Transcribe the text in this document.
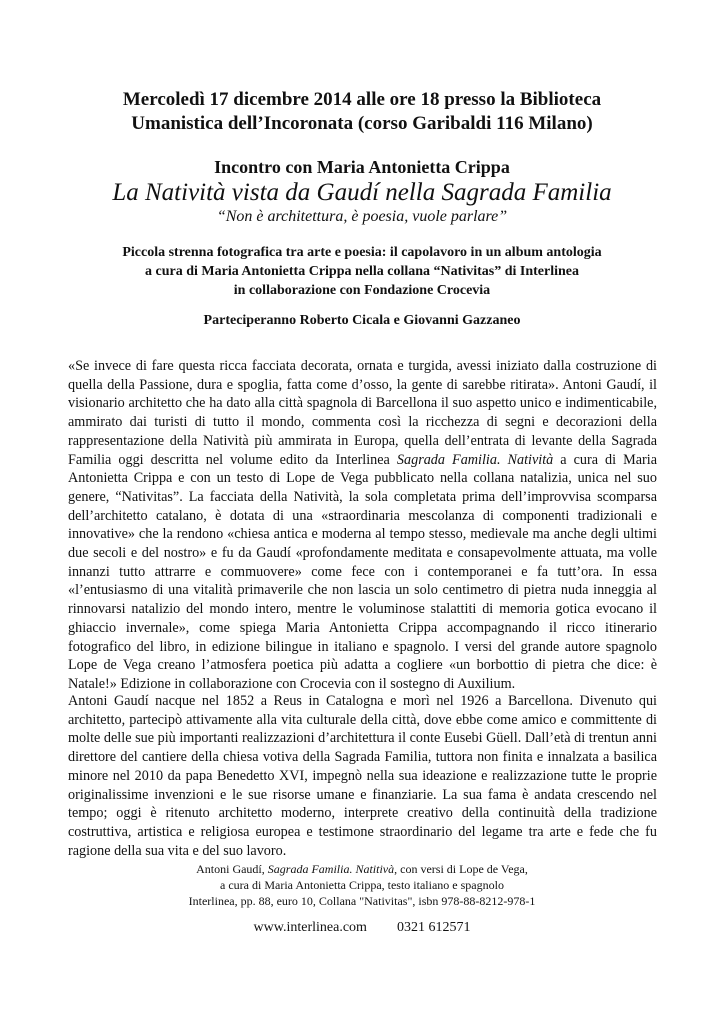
Mercoledì 17 dicembre 2014 alle ore 18 presso la Biblioteca
Umanistica dell’Incoronata (corso Garibaldi 116 Milano)
Incontro con Maria Antonietta Crippa
La Natività vista da Gaudí nella Sagrada Familia
“Non è architettura, è poesia, vuole parlare”
Piccola strenna fotografica tra arte e poesia: il capolavoro in un album antologia
a cura di Maria Antonietta Crippa nella collana “Nativitas” di Interlinea
in collaborazione con Fondazione Crocevia
Parteciperanno Roberto Cicala e Giovanni Gazzaneo
«Se invece di fare questa ricca facciata decorata, ornata e turgida, avessi iniziato dalla costruzione di quella della Passione, dura e spoglia, fatta come d’osso, la gente di sarebbe ritirata». Antoni Gaudí, il visionario architetto che ha dato alla città spagnola di Barcellona il suo aspetto unico e indimenticabile, ammirato dai turisti di tutto il mondo, commenta così la ricchezza di segni e decorazioni della rappresentazione della Natività più ammirata in Europa, quella dell’entrata di levante della Sagrada Familia oggi descritta nel volume edito da Interlinea Sagrada Familia. Natività a cura di Maria Antonietta Crippa e con un testo di Lope de Vega pubblicato nella collana natalizia, unica nel suo genere, “Nativitas”. La facciata della Natività, la sola completata prima dell’improvvisa scomparsa dell’architetto catalano, è dotata di una «straordinaria mescolanza di componenti tradizionali e innovative» che la rendono «chiesa antica e moderna al tempo stesso, medievale ma anche degli ultimi due secoli e del nostro» e fu da Gaudí «profondamente meditata e consapevolmente attuata, ma volle innanzi tutto attrarre e commuovere» come fece con i contemporanei e fa tutt’ora. In essa «l’entusiasmo di una vitalità primaverile che non lascia un solo centimetro di pietra nuda inneggia al rinnovarsi natalizio del mondo intero, mentre le voluminose stalattiti di memoria gotica evocano il ghiaccio invernale», come spiega Maria Antonietta Crippa accompagnando il ricco itinerario fotografico del libro, in edizione bilingue in italiano e spagnolo. I versi del grande autore spagnolo Lope de Vega creano l’atmosfera poetica più adatta a cogliere «un borbottio di pietra che dice: è Natale!» Edizione in collaborazione con Crocevia con il sostegno di Auxilium.
Antoni Gaudí nacque nel 1852 a Reus in Catalogna e morì nel 1926 a Barcellona. Divenuto qui architetto, partecipò attivamente alla vita culturale della città, dove ebbe come amico e committente di molte delle sue più importanti realizzazioni d’architettura il conte Eusebi Güell. Dall’età di trentun anni direttore del cantiere della chiesa votiva della Sagrada Familia, tuttora non finita e innalzata a basilica minore nel 2010 da papa Benedetto XVI, impegnò nella sua ideazione e realizzazione tutte le proprie originalissime invenzioni e le sue risorse umane e finanziarie. La sua fama è andata crescendo nel tempo; oggi è ritenuto architetto moderno, interprete creativo della continuità della tradizione costruttiva, artistica e religiosa europea e testimone straordinario del legame tra arte e fede che fu ragione della sua vita e del suo lavoro.
Antoni Gaudí, Sagrada Familia. Natitivà, con versi di Lope de Vega,
a cura di Maria Antonietta Crippa, testo italiano e spagnolo
Interlinea, pp. 88, euro 10, Collana "Nativitas", isbn 978-88-8212-978-1
www.interlinea.com 0321 612571
